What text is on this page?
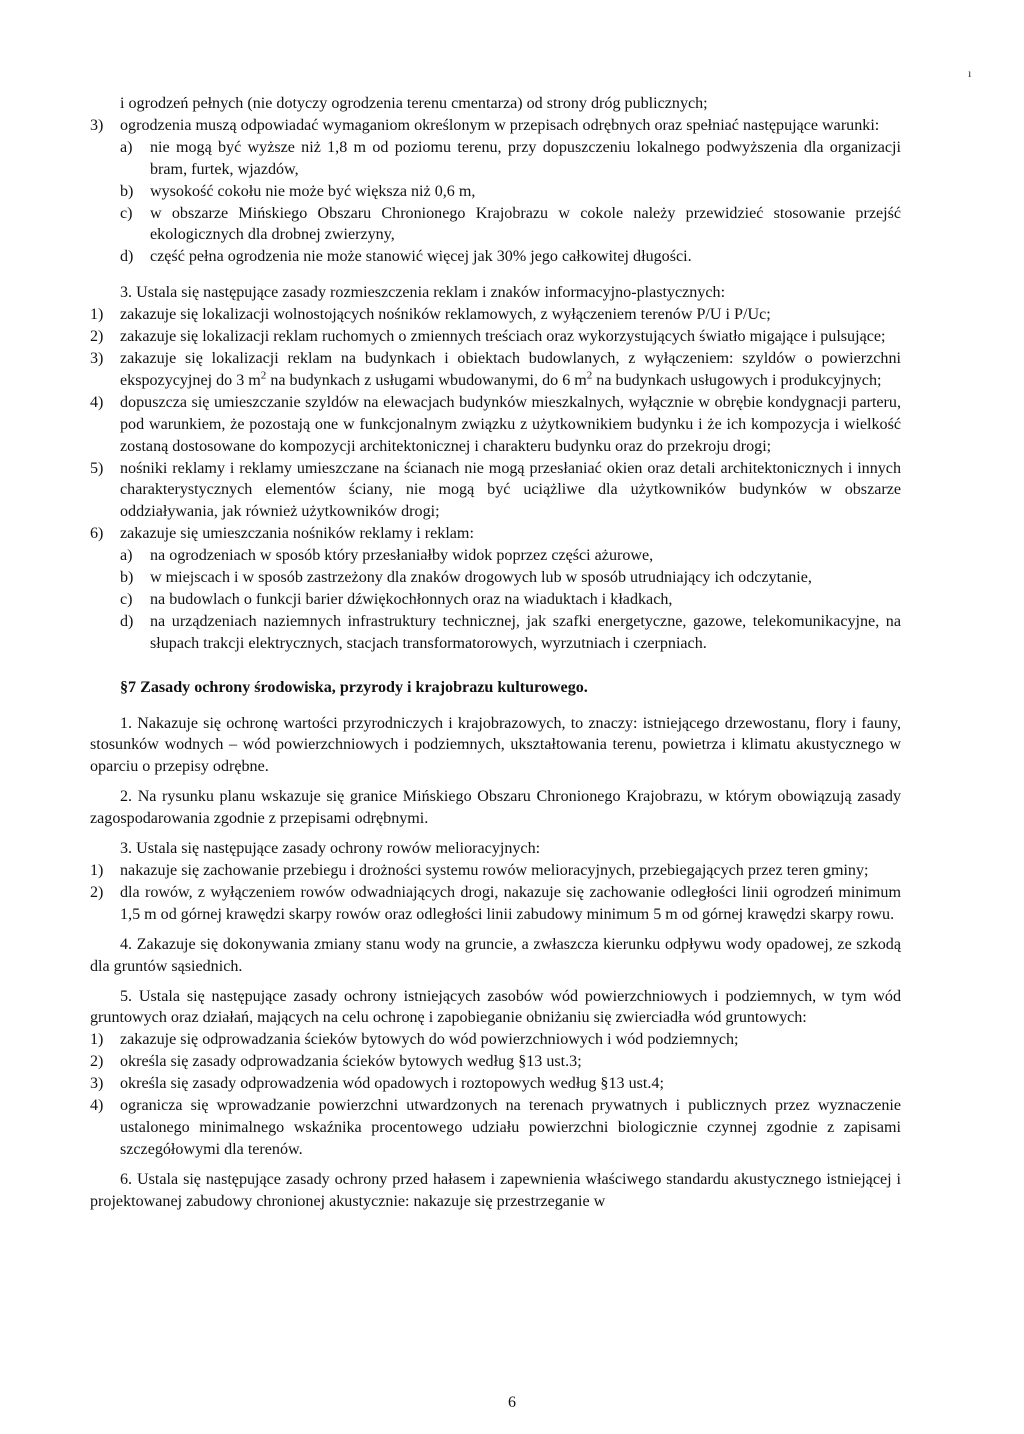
ı

i ogrodzeń pełnych (nie dotyczy ogrodzenia terenu cmentarza) od strony dróg publicznych;

3)	ogrodzenia muszą odpowiadać wymaganiom określonym w przepisach odrębnych oraz spełniać następujące warunki:
a)	nie mogą być wyższe niż 1,8 m od poziomu terenu, przy dopuszczeniu lokalnego podwyższenia dla organizacji bram, furtek, wjazdów,
b)	wysokość cokołu nie może być większa niż 0,6 m,
c)	w obszarze Mińskiego Obszaru Chronionego Krajobrazu w cokole należy przewidzieć stosowanie przejść ekologicznych dla drobnej zwierzyny,
d)	część pełna ogrodzenia nie może stanowić więcej jak 30% jego całkowitej długości.

3. Ustala się następujące zasady rozmieszczenia reklam i znaków informacyjno-plastycznych:

1)	zakazuje się lokalizacji wolnostojących nośników reklamowych, z wyłączeniem terenów P/U i P/Uc;
2)	zakazuje się lokalizacji reklam ruchomych o zmiennych treściach oraz wykorzystujących światło migające i pulsujące;
3)	zakazuje się lokalizacji reklam na budynkach i obiektach budowlanych, z wyłączeniem: szyldów o powierzchni ekspozycyjnej do 3 $m^2$ na budynkach z usługami wbudowanymi, do 6 $m^2$ na budynkach usługowych i produkcyjnych;
4)	dopuszcza się umieszczanie szyldów na elewacjach budynków mieszkalnych, wyłącznie w obrębie kondygnacji parteru, pod warunkiem, że pozostają one w funkcjonalnym związku z użytkownikiem budynku i że ich kompozycja i wielkość zostaną dostosowane do kompozycji architektonicznej i charakteru budynku oraz do przekroju drogi;
5)	nośniki reklamy i reklamy umieszczane na ścianach nie mogą przesłaniać okien oraz detali architektonicznych i innych charakterystycznych elementów ściany, nie mogą być uciążliwe dla użytkowników budynków w obszarze oddziaływania, jak również użytkowników drogi;
6)	zakazuje się umieszczania nośników reklamy i reklam:
a)	na ogrodzeniach w sposób który przesłaniałby widok poprzez części ażurowe,
b)	w miejscach i w sposób zastrzeżony dla znaków drogowych lub w sposób utrudniający ich odczytanie,
c)	na budowlach o funkcji barier dźwiękochłonnych oraz na wiaduktach i kładkach,
d)	na urządzeniach naziemnych infrastruktury technicznej, jak szafki energetyczne, gazowe, telekomunikacyjne, na słupach trakcji elektrycznych, stacjach transformatorowych, wyrzutniach i czerpniach.

§7 Zasady ochrony środowiska, przyrody i krajobrazu kulturowego.

1. Nakazuje się ochronę wartości przyrodniczych i krajobrazowych, to znaczy: istniejącego drzewostanu, flory i fauny, stosunków wodnych – wód powierzchniowych i podziemnych, ukształtowania terenu, powietrza i klimatu akustycznego w oparciu o przepisy odrębne.

2. Na rysunku planu wskazuje się granice Mińskiego Obszaru Chronionego Krajobrazu, w którym obowiązują zasady zagospodarowania zgodnie z przepisami odrębnymi.

3. Ustala się następujące zasady ochrony rowów melioracyjnych:

1)	nakazuje się zachowanie przebiegu i drożności systemu rowów melioracyjnych, przebiegających przez teren gminy;
2)	dla rowów, z wyłączeniem rowów odwadniających drogi, nakazuje się zachowanie odległości linii ogrodzeń minimum 1,5 m od górnej krawędzi skarpy rowów oraz odległości linii zabudowy minimum 5 m od górnej krawędzi skarpy rowu.

4. Zakazuje się dokonywania zmiany stanu wody na gruncie, a zwłaszcza kierunku odpływu wody opadowej, ze szkodą dla gruntów sąsiednich.

5. Ustala się następujące zasady ochrony istniejących zasobów wód powierzchniowych i podziemnych, w tym wód gruntowych oraz działań, mających na celu ochronę i zapobieganie obniżaniu się zwierciadła wód gruntowych:

1)	zakazuje się odprowadzania ścieków bytowych do wód powierzchniowych i wód podziemnych;
2)	określa się zasady odprowadzania ścieków bytowych według §13 ust.3;
3)	określa się zasady odprowadzenia wód opadowych i roztopowych według §13 ust.4;
4)	ogranicza się wprowadzanie powierzchni utwardzonych na terenach prywatnych i publicznych przez wyznaczenie ustalonego minimalnego wskaźnika procentowego udziału powierzchni biologicznie czynnej zgodnie z zapisami szczegółowymi dla terenów.

6. Ustala się następujące zasady ochrony przed hałasem i zapewnienia właściwego standardu akustycznego istniejącej i projektowanej zabudowy chronionej akustycznie: nakazuje się przestrzeganie w

6
